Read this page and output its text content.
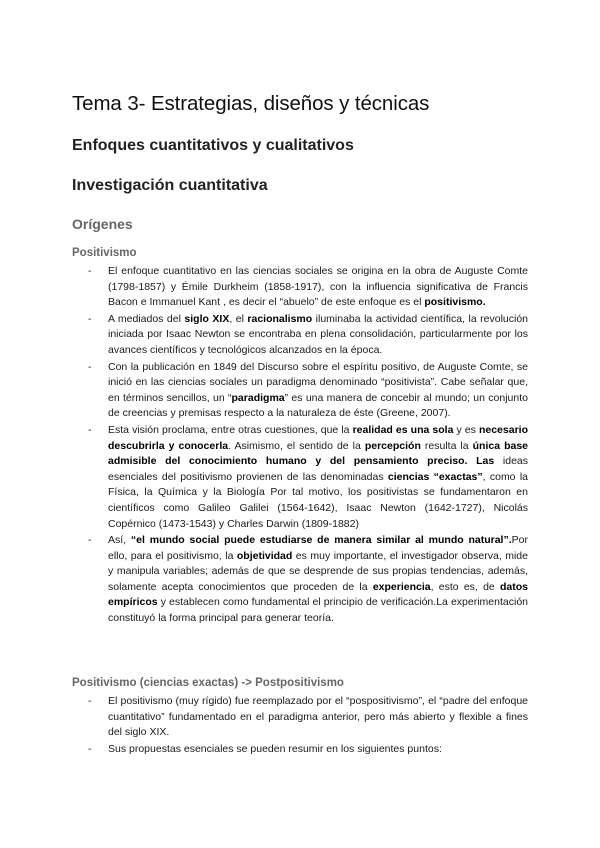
Tema 3- Estrategias, diseños y técnicas
Enfoques cuantitativos y cualitativos
Investigación cuantitativa
Orígenes
Positivismo
- El enfoque cuantitativo en las ciencias sociales se origina en la obra de Auguste Comte (1798-1857) y Émile Durkheim (1858-1917), con la influencia significativa de Francis Bacon e Immanuel Kant , es decir el “abuelo” de este enfoque es el positivismo.
- A mediados del siglo XIX, el racionalismo iluminaba la actividad científica, la revolución iniciada por Isaac Newton se encontraba en plena consolidación, particularmente por los avances científicos y tecnológicos alcanzados en la época.
- Con la publicación en 1849 del Discurso sobre el espíritu positivo, de Auguste Comte, se inició en las ciencias sociales un paradigma denominado “positivista”. Cabe señalar que, en términos sencillos, un “paradigma” es una manera de concebir al mundo; un conjunto de creencias y premisas respecto a la naturaleza de éste (Greene, 2007).
- Esta visión proclama, entre otras cuestiones, que la realidad es una sola y es necesario descubrirla y conocerla. Asimismo, el sentido de la percepción resulta la única base admisible del conocimiento humano y del pensamiento preciso. Las ideas esenciales del positivismo provienen de las denominadas ciencias “exactas”, como la Física, la Química y la Biología Por tal motivo, los positivistas se fundamentaron en científicos como Galileo Galilei (1564-1642), Isaac Newton (1642-1727), Nicolás Copérnico (1473-1543) y Charles Darwin (1809-1882)
- Así, “el mundo social puede estudiarse de manera similar al mundo natural”.Por ello, para el positivismo, la objetividad es muy importante, el investigador observa, mide y manipula variables; además de que se desprende de sus propias tendencias, además, solamente acepta conocimientos que proceden de la experiencia, esto es, de datos empíricos y establecen como fundamental el principio de verificación.La experimentación constituyó la forma principal para generar teoría.
Positivismo (ciencias exactas) -> Postpositivismo
- El positivismo (muy rígido) fue reemplazado por el “pospositivismo”, el “padre del enfoque cuantitativo” fundamentado en el paradigma anterior, pero más abierto y flexible a fines del siglo XIX.
- Sus propuestas esenciales se pueden resumir en los siguientes puntos:
